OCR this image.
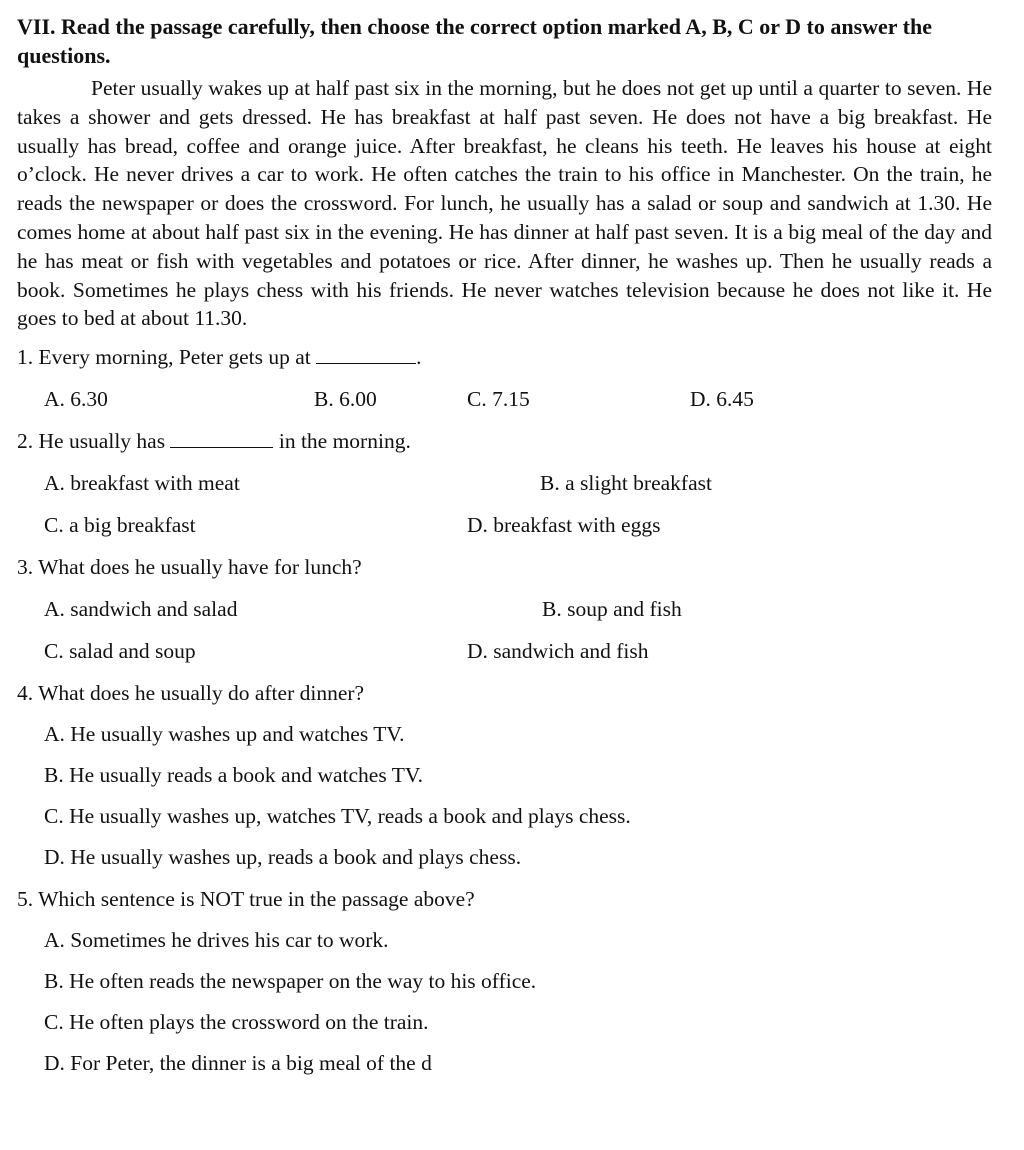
VII. Read the passage carefully, then choose the correct option marked A, B, C or D to answer the questions.

Peter usually wakes up at half past six in the morning, but he does not get up until a quarter to seven. He takes a shower and gets dressed. He has breakfast at half past seven. He does not have a big breakfast. He usually has bread, coffee and orange juice. After breakfast, he cleans his teeth. He leaves his house at eight o’clock. He never drives a car to work. He often catches the train to his office in Manchester. On the train, he reads the newspaper or does the crossword. For lunch, he usually has a salad or soup and sandwich at 1.30. He comes home at about half past six in the evening. He has dinner at half past seven. It is a big meal of the day and he has meat or fish with vegetables and potatoes or rice. After dinner, he washes up. Then he usually reads a book. Sometimes he plays chess with his friends. He never watches television because he does not like it. He goes to bed at about 11.30.

1. Every morning, Peter gets up at	.

A. 6.30	B. 6.00	C. 7.15	D. 6.45

2. He usually has	in the morning.

A. breakfast with meat	B. a slight breakfast
C. a big breakfast	D. breakfast with eggs

3. What does he usually have for lunch?

A. sandwich and salad	B. soup and fish
C. salad and soup	D. sandwich and fish

4. What does he usually do after dinner?

A. He usually washes up and watches TV.

B. He usually reads a book and watches TV.

C. He usually washes up, watches TV, reads a book and plays chess.

D. He usually washes up, reads a book and plays chess.

5. Which sentence is NOT true in the passage above?

A. Sometimes he drives his car to work.

B. He often reads the newspaper on the way to his office.

C. He often plays the crossword on the train.

D. For Peter, the dinner is a big meal of the d
